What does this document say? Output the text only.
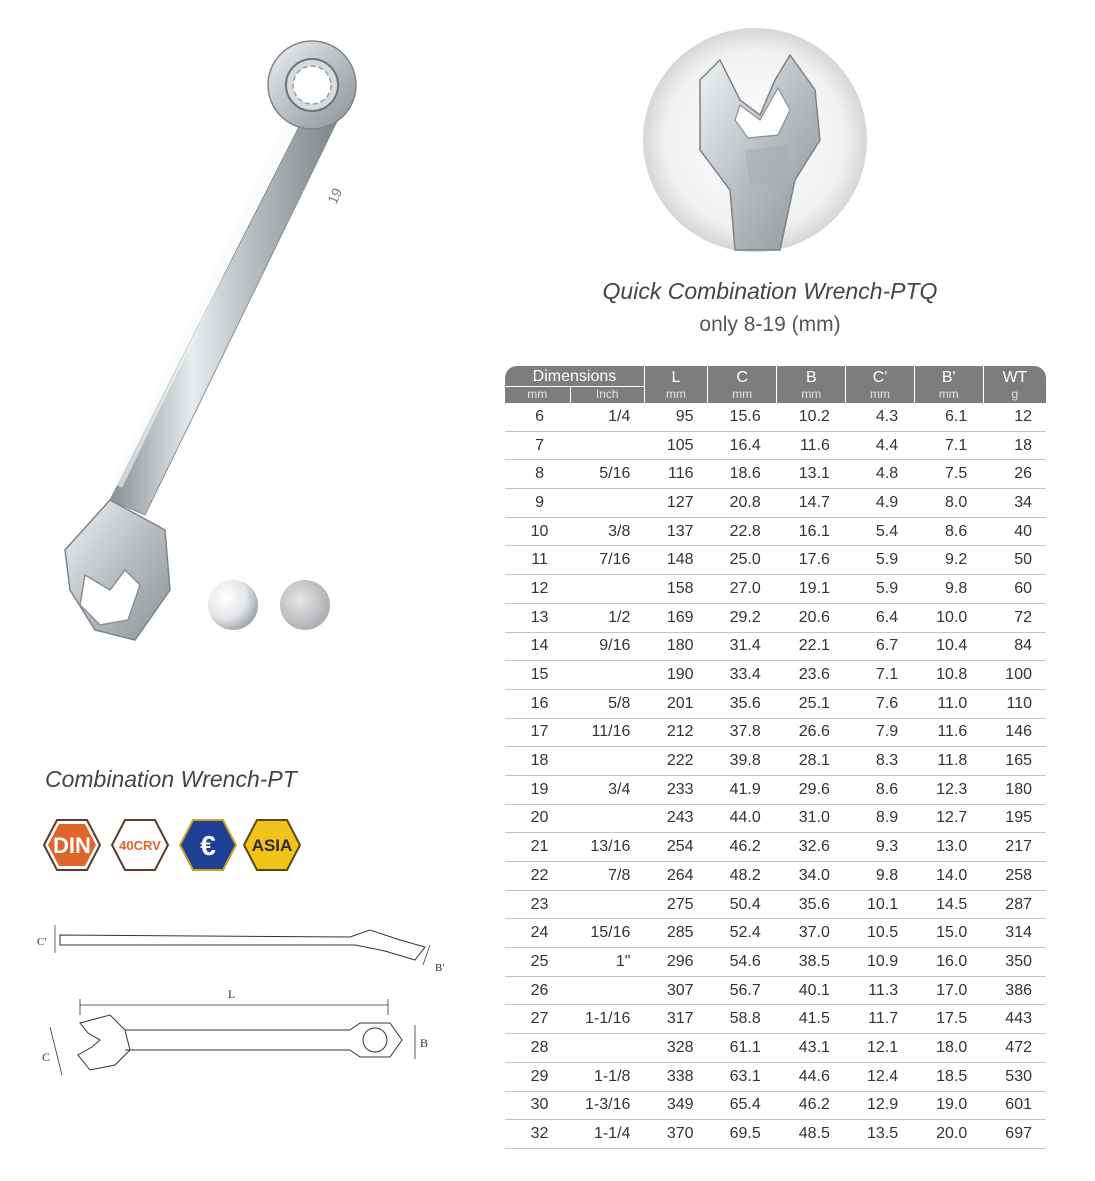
19
Quick Combination Wrench-PTQ
only 8-19 (mm)
Combination Wrench-PT
DIN 40CRV € ASIA
C'
B'
L
C
B
Dimensions		L	C	B	C'	B'	WT
mm	Inch	mm	mm	mm	mm	mm	g
6	1/4	95	15.6	10.2	4.3	6.1	12
7		105	16.4	11.6	4.4	7.1	18
8	5/16	116	18.6	13.1	4.8	7.5	26
9		127	20.8	14.7	4.9	8.0	34
10	3/8	137	22.8	16.1	5.4	8.6	40
11	7/16	148	25.0	17.6	5.9	9.2	50
12		158	27.0	19.1	5.9	9.8	60
13	1/2	169	29.2	20.6	6.4	10.0	72
14	9/16	180	31.4	22.1	6.7	10.4	84
15		190	33.4	23.6	7.1	10.8	100
16	5/8	201	35.6	25.1	7.6	11.0	110
17	11/16	212	37.8	26.6	7.9	11.6	146
18		222	39.8	28.1	8.3	11.8	165
19	3/4	233	41.9	29.6	8.6	12.3	180
20		243	44.0	31.0	8.9	12.7	195
21	13/16	254	46.2	32.6	9.3	13.0	217
22	7/8	264	48.2	34.0	9.8	14.0	258
23		275	50.4	35.6	10.1	14.5	287
24	15/16	285	52.4	37.0	10.5	15.0	314
25	1"	296	54.6	38.5	10.9	16.0	350
26		307	56.7	40.1	11.3	17.0	386
27	1-1/16	317	58.8	41.5	11.7	17.5	443
28		328	61.1	43.1	12.1	18.0	472
29	1-1/8	338	63.1	44.6	12.4	18.5	530
30	1-3/16	349	65.4	46.2	12.9	19.0	601
32	1-1/4	370	69.5	48.5	13.5	20.0	697
